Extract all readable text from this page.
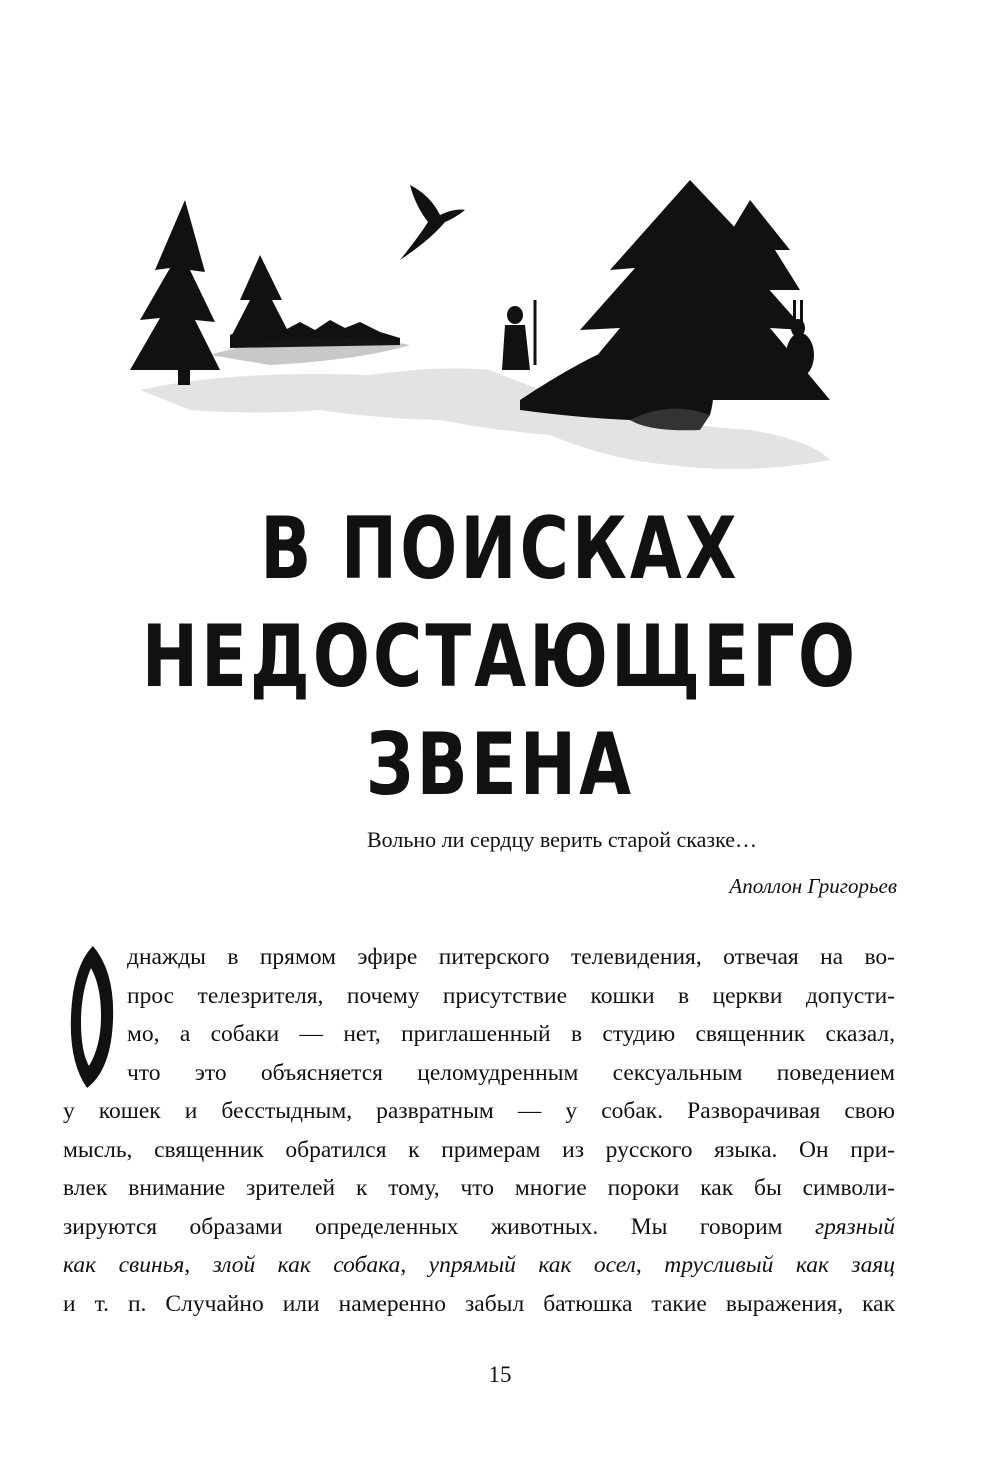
В ПОИСКАХ
НЕДОСТАЮЩЕГО ЗВЕНА
Вольно ли сердцу верить старой сказке…
Аполлон Григорьев
днажды в прямом эфире питерского телевидения, отвечая на во-
прос телезрителя, почему присутствие кошки в церкви допусти-
мо, а собаки — нет, приглашенный в студию священник сказал,
что это объясняется целомудренным сексуальным поведением
у кошек и бесстыдным, развратным — у собак. Разворачивая свою
мысль, священник обратился к примерам из русского языка. Он при-
влек внимание зрителей к тому, что многие пороки как бы символи-
зируются образами определенных животных. Мы говорим грязный
как свинья, злой как собака, упрямый как осел, трусливый как заяц
и т. п. Случайно или намеренно забыл батюшка такие выражения, как
15
